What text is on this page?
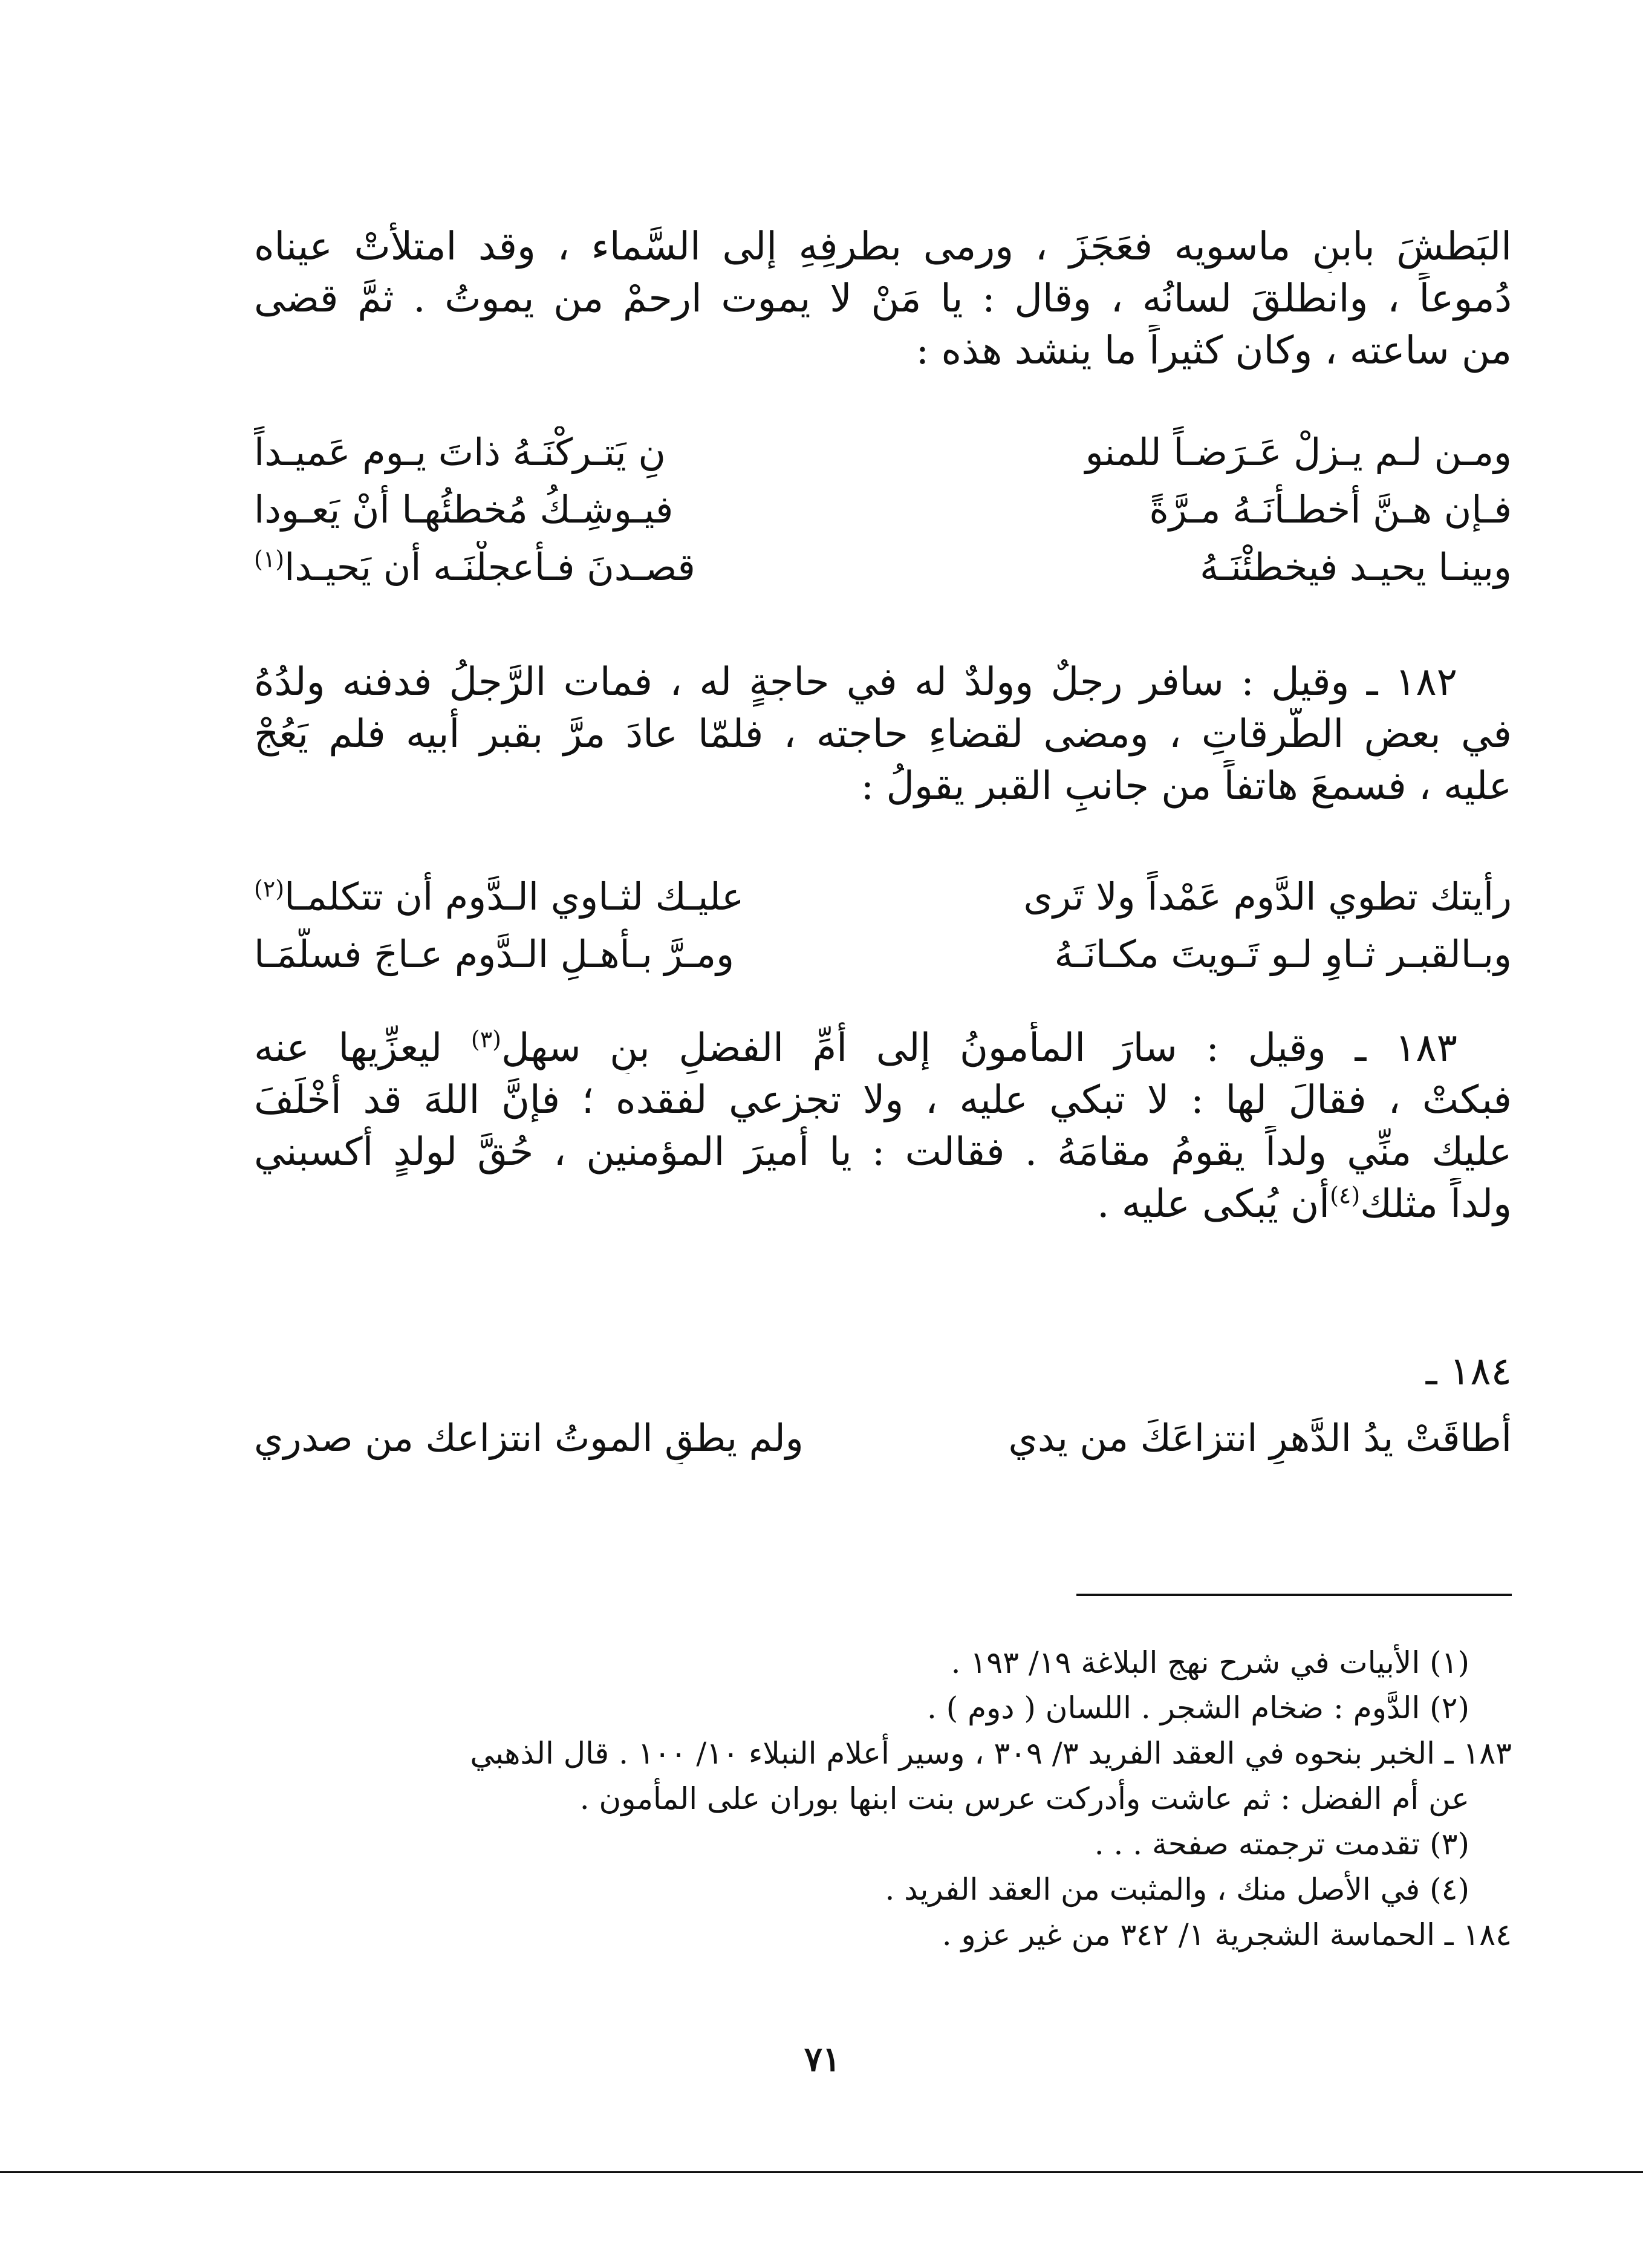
البَطشَ بابنِ ماسويه فعَجَزَ ، ورمى بطرفِهِ إلى السَّماء ، وقد امتلأتْ عيناه
دُموعاً ، وانطلقَ لسانُه ، وقال : يا مَنْ لا يموت ارحمْ من يموتُ . ثمَّ قضى
من ساعته ، وكان كثيراً ما ينشد هذه :
ومـن لـم يـزلْ عَـرَضـاً للمنو
نِ يَتـركْنَـهُ ذاتَ يـوم عَميـداً
فـإن هـنَّ أخطـأْنَـهُ مـرَّةً
فيـوشِـكُ مُخطئُهـا أنْ يَعـودا
وبينـا يحيـد فيخطئْنَـهُ
قصـدنَ فـأعجلْنَـه أن يَحيـدا$^{(١)}$
١٨٢ ـ وقيل : سافر رجلٌ وولدٌ له في حاجةٍ له ، فمات الرَّجلُ فدفنه ولدُهُ
في بعضِ الطُّرقاتِ ، ومضى لقضاءِ حاجته ، فلمّا عادَ مرَّ بقبر أبيه فلم يَعُجْ
عليه ، فسمعَ هاتفاً من جانبِ القبر يقولُ :
رأيتك تطوي الدَّوم عَمْداً ولا تَرى
عليـك لثـاوي الـدَّوم أن تتكلمـا$^{(٢)}$
وبـالقبـر ثـاوٍ لـو تَـويتَ مكـانَـهُ
ومـرَّ بـأهـلِ الـدَّوم عـاجَ فسلَّمَـا
١٨٣ ـ وقيل : سارَ المأمونُ إلى أمِّ الفضلِ بنِ سهل$^{(٣)}$ ليعزِّيها عنه
فبكتْ ، فقالَ لها : لا تبكي عليه ، ولا تجزعي لفقده ؛ فإنَّ اللهَ قد أخْلَفَ
عليك منِّي ولداً يقومُ مقامَهُ . فقالت : يا أميرَ المؤمنين ، حُقَّ لولدٍ أكسبني
ولداً مثلك$^{(٤)}$أن يُبكى عليه .
١٨٤ ـ
أطاقَتْ يدُ الدَّهرِ انتزاعَكَ من يدي
ولم يطقِ الموتُ انتزاعك من صدري
(١) الأبيات في شرح نهج البلاغة ١٩/ ١٩٣ .
(٢) الدَّوم : ضخام الشجر . اللسان ( دوم ) .
١٨٣ ـ الخبر بنحوه في العقد الفريد ٣/ ٣٠٩ ، وسير أعلام النبلاء ١٠/ ١٠٠ . قال الذهبي
عن أم الفضل : ثم عاشت وأدركت عرس بنت ابنها بوران على المأمون .
(٣) تقدمت ترجمته صفحة . . .
(٤) في الأصل منك ، والمثبت من العقد الفريد .
١٨٤ ـ الحماسة الشجرية ١/ ٣٤٢ من غير عزو .
٧١
